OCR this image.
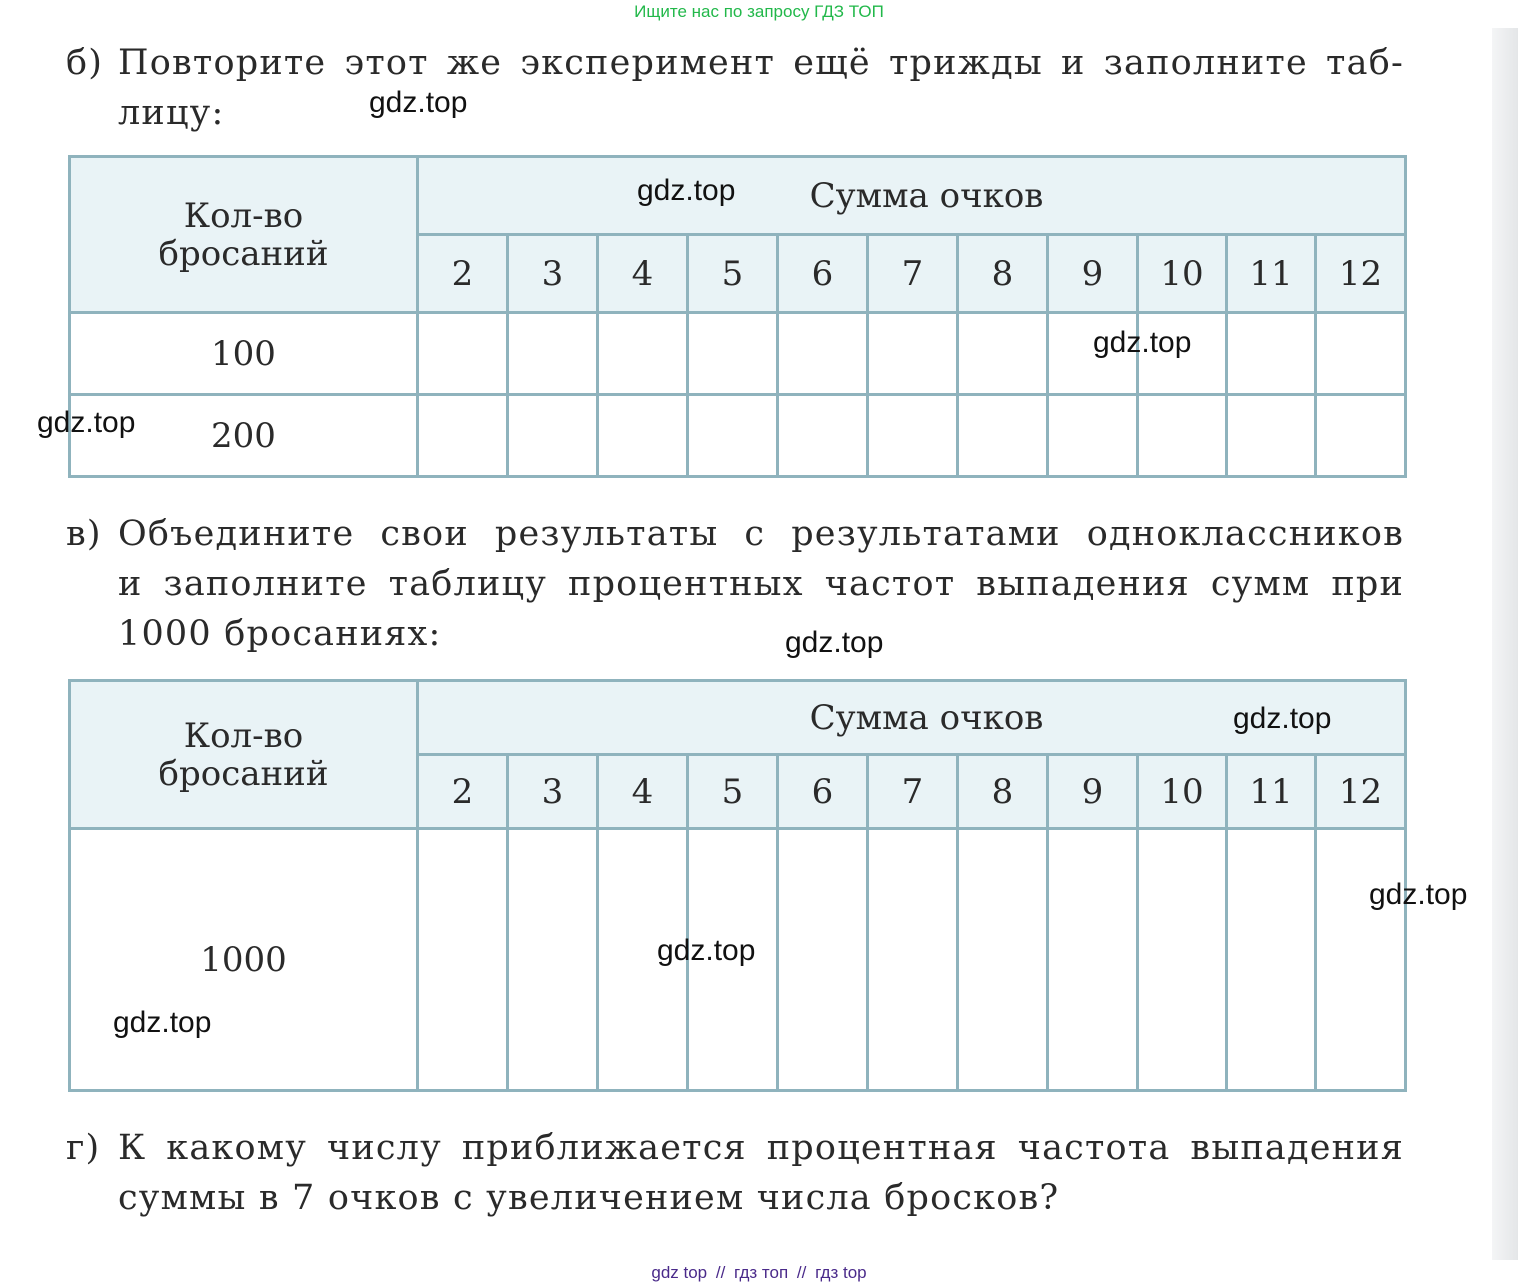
Ищите нас по запросу ГДЗ ТОП
б) Повторите этот же эксперимент ещё трижды и заполните таб-
лицу:
Кол-во
бросаний	Сумма очков										
	2	3	4	5	6	7	8	9	10	11	12
100											
200											
в) Объедините свои результаты с результатами одноклассников
и заполните таблицу процентных частот выпадения сумм при
1000 бросаниях:
Кол-во
бросаний	Сумма очков										
	2	3	4	5	6	7	8	9	10	11	12
1000											
г) К какому числу приближается процентная частота выпадения
суммы в 7 очков с увеличением числа бросков?
gdz.top
gdz.top
gdz.top
gdz.top
gdz.top
gdz.top
gdz.top
gdz.top
gdz.top
gdz top // гдз топ // гдз top
